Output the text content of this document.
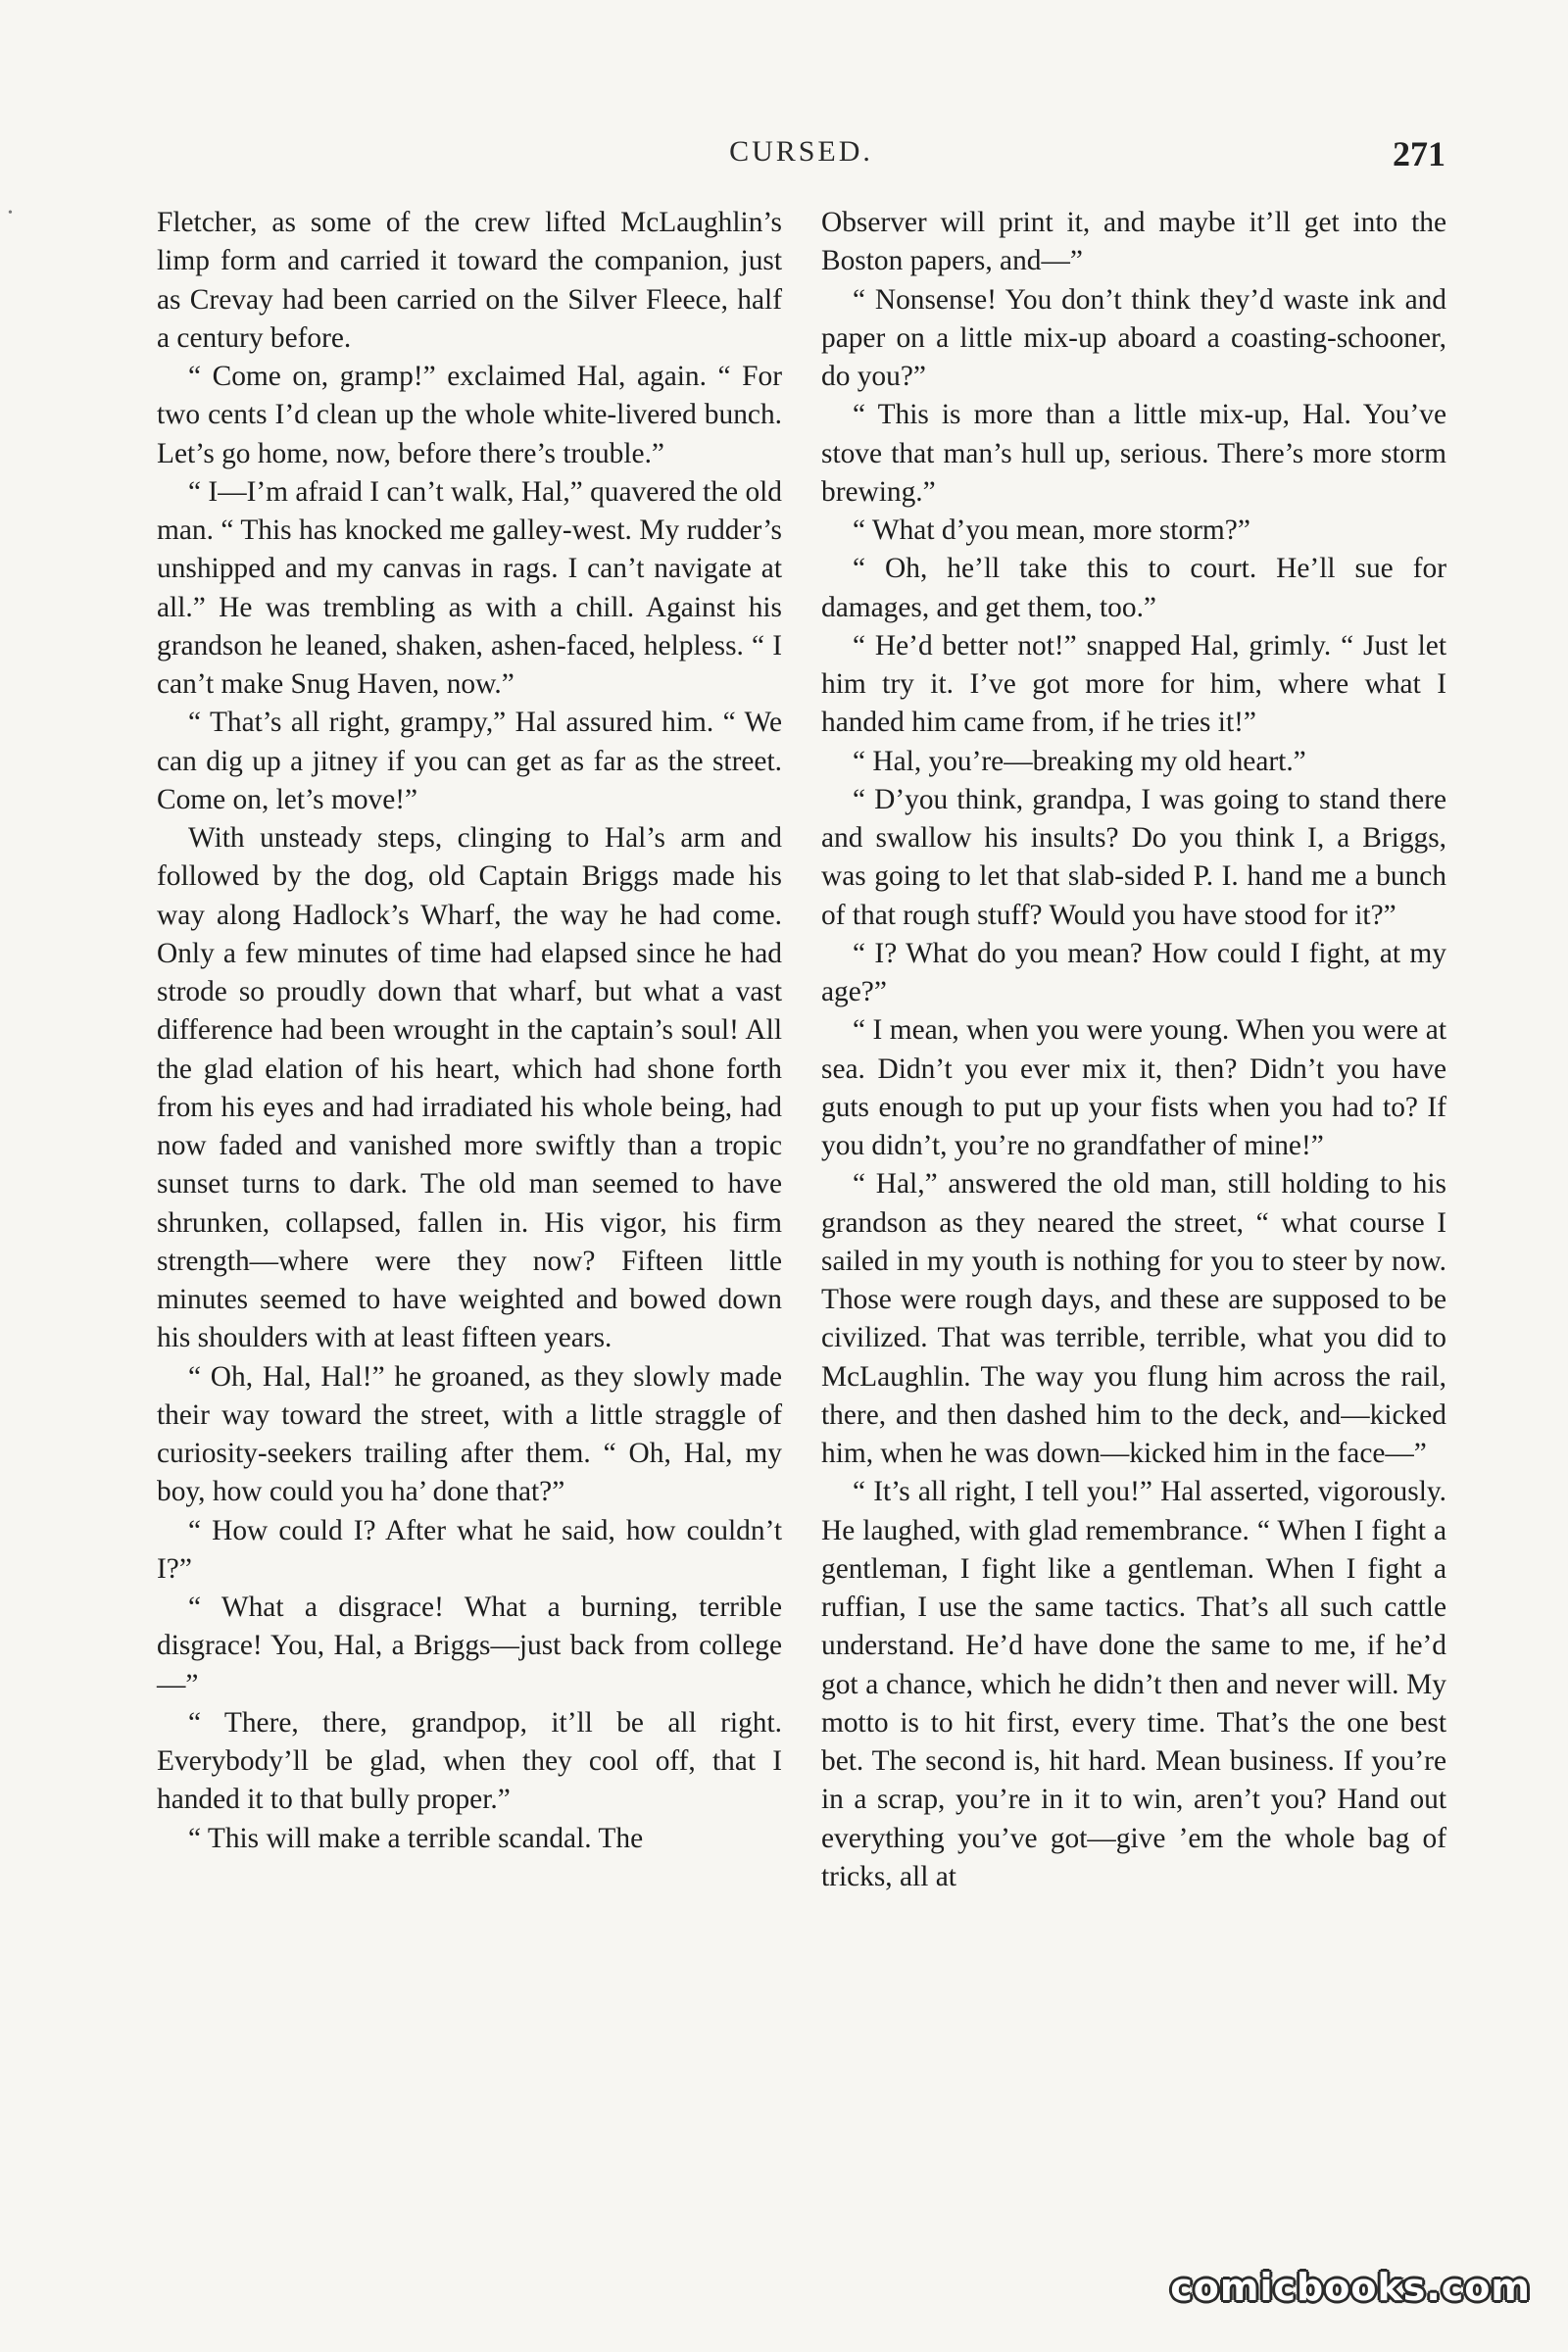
•
CURSED.	271

Fletcher, as some of the crew lifted McLaughlin’s limp form and carried it toward the companion, just as Crevay had been carried on the Silver Fleece, half a century before.

“ Come on, gramp!” exclaimed Hal, again. “ For two cents I’d clean up the whole white-livered bunch. Let’s go home, now, before there’s trouble.”

“ I—I’m afraid I can’t walk, Hal,” quavered the old man. “ This has knocked me galley-west. My rudder’s unshipped and my canvas in rags. I can’t navigate at all.” He was trembling as with a chill. Against his grandson he leaned, shaken, ashen-faced, helpless. “ I can’t make Snug Haven, now.”

“ That’s all right, grampy,” Hal assured him. “ We can dig up a jitney if you can get as far as the street. Come on, let’s move!”

With unsteady steps, clinging to Hal’s arm and followed by the dog, old Captain Briggs made his way along Hadlock’s Wharf, the way he had come. Only a few minutes of time had elapsed since he had strode so proudly down that wharf, but what a vast difference had been wrought in the captain’s soul! All the glad elation of his heart, which had shone forth from his eyes and had irradiated his whole being, had now faded and vanished more swiftly than a tropic sunset turns to dark. The old man seemed to have shrunken, collapsed, fallen in. His vigor, his firm strength—where were they now? Fifteen little minutes seemed to have weighted and bowed down his shoulders with at least fifteen years.

“ Oh, Hal, Hal!” he groaned, as they slowly made their way toward the street, with a little straggle of curiosity-seekers trailing after them. “ Oh, Hal, my boy, how could you ha’ done that?”

“ How could I? After what he said, how couldn’t I?”

“ What a disgrace! What a burning, terrible disgrace! You, Hal, a Briggs—just back from college—”

“ There, there, grandpop, it’ll be all right. Everybody’ll be glad, when they cool off, that I handed it to that bully proper.”

“ This will make a terrible scandal. The

Observer will print it, and maybe it’ll get into the Boston papers, and—”

“ Nonsense! You don’t think they’d waste ink and paper on a little mix-up aboard a coasting-schooner, do you?”

“ This is more than a little mix-up, Hal. You’ve stove that man’s hull up, serious. There’s more storm brewing.”

“ What d’you mean, more storm?”

“ Oh, he’ll take this to court. He’ll sue for damages, and get them, too.”

“ He’d better not!” snapped Hal, grimly. “ Just let him try it. I’ve got more for him, where what I handed him came from, if he tries it!”

“ Hal, you’re—breaking my old heart.”

“ D’you think, grandpa, I was going to stand there and swallow his insults? Do you think I, a Briggs, was going to let that slab-sided P. I. hand me a bunch of that rough stuff? Would you have stood for it?”

“ I? What do you mean? How could I fight, at my age?”

“ I mean, when you were young. When you were at sea. Didn’t you ever mix it, then? Didn’t you have guts enough to put up your fists when you had to? If you didn’t, you’re no grandfather of mine!”

“ Hal,” answered the old man, still holding to his grandson as they neared the street, “ what course I sailed in my youth is nothing for you to steer by now. Those were rough days, and these are supposed to be civilized. That was terrible, terrible, what you did to McLaughlin. The way you flung him across the rail, there, and then dashed him to the deck, and—kicked him, when he was down—kicked him in the face—”

“ It’s all right, I tell you!” Hal asserted, vigorously. He laughed, with glad remembrance. “ When I fight a gentleman, I fight like a gentleman. When I fight a ruffian, I use the same tactics. That’s all such cattle understand. He’d have done the same to me, if he’d got a chance, which he didn’t then and never will. My motto is to hit first, every time. That’s the one best bet. The second is, hit hard. Mean business. If you’re in a scrap, you’re in it to win, aren’t you? Hand out everything you’ve got—give ’em the whole bag of tricks, all at

comicbooks.com
